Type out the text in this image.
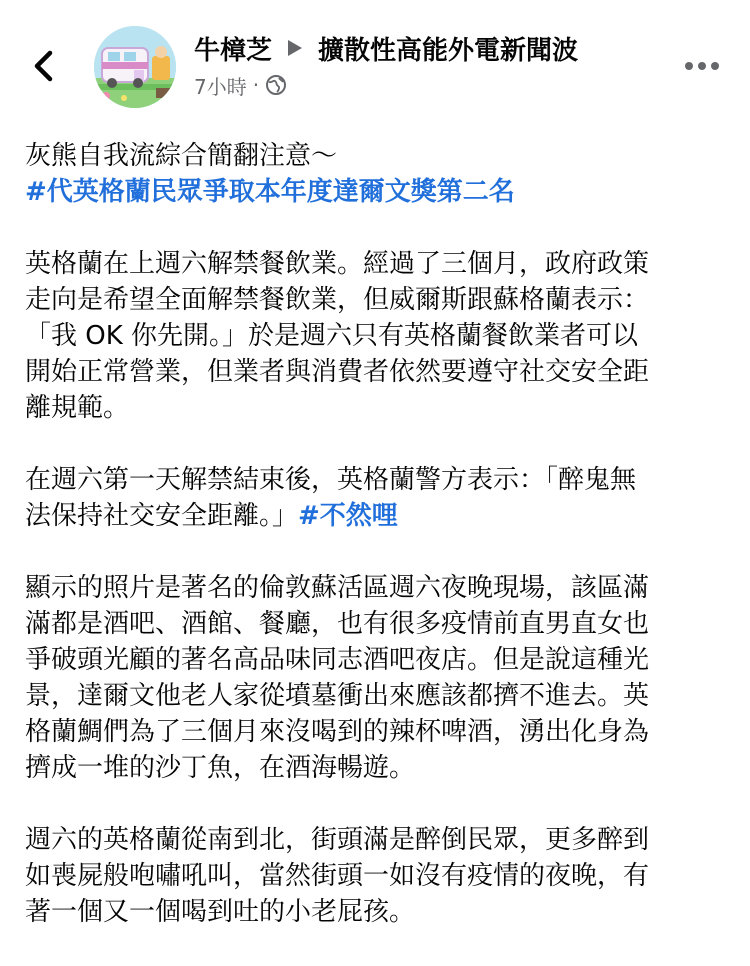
牛樟芝 擴散性高能外電新聞波
7小時 ·

灰熊自我流綜合簡翻注意～
#代英格蘭民眾爭取本年度達爾文獎第二名

英格蘭在上週六解禁餐飲業。經過了三個月，政府政策
走向是希望全面解禁餐飲業，但威爾斯跟蘇格蘭表示：
「我 OK 你先開。」於是週六只有英格蘭餐飲業者可以
開始正常營業，但業者與消費者依然要遵守社交安全距
離規範。

在週六第一天解禁結束後，英格蘭警方表示：「醉鬼無
法保持社交安全距離。」#不然哩

顯示的照片是著名的倫敦蘇活區週六夜晚現場，該區滿
滿都是酒吧、酒館、餐廳，也有很多疫情前直男直女也
爭破頭光顧的著名高品味同志酒吧夜店。但是說這種光
景，達爾文他老人家從墳墓衝出來應該都擠不進去。英
格蘭鯛們為了三個月來沒喝到的辣杯啤酒，湧出化身為
擠成一堆的沙丁魚，在酒海暢遊。

週六的英格蘭從南到北，街頭滿是醉倒民眾，更多醉到
如喪屍般咆嘯吼叫，當然街頭一如沒有疫情的夜晚，有
著一個又一個喝到吐的小老屁孩。
